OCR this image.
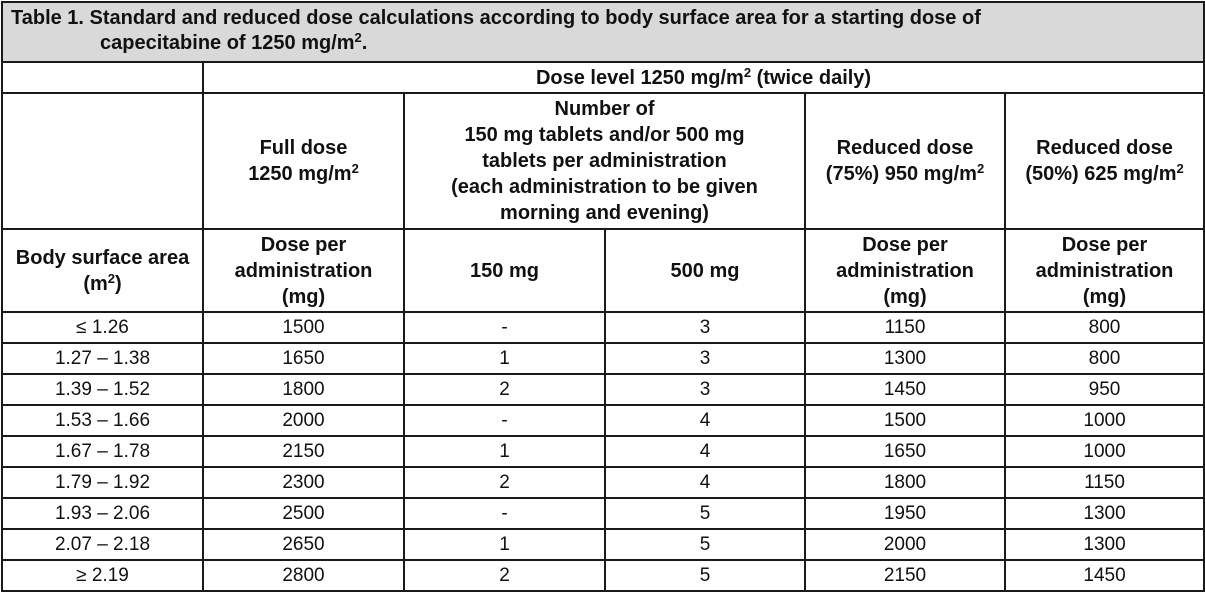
Table 1. Standard and reduced dose calculations according to body surface area for a starting dose of
capecitabine of 1250 $mg/m^2$.					

	Dose level 1250 $mg/m^2$ (twice daily)				

	Full dose
1250 $mg/m^2$	Number of
150 mg tablets and/or 500 mg
tablets per administration
(each administration to be given
morning and evening)		Reduced dose
(75%) 950 $mg/m^2$	Reduced dose
(50%) 625 $mg/m^2$

Body surface area
$(m^2)$	Dose per
administration
(mg)	150 mg	500 mg	Dose per
administration
(mg)	Dose per
administration
(mg)

≤ 1.26	1500	-	3	1150	800
1.27 – 1.38	1650	1	3	1300	800
1.39 – 1.52	1800	2	3	1450	950
1.53 – 1.66	2000	-	4	1500	1000
1.67 – 1.78	2150	1	4	1650	1000
1.79 – 1.92	2300	2	4	1800	1150
1.93 – 2.06	2500	-	5	1950	1300
2.07 – 2.18	2650	1	5	2000	1300
≥ 2.19	2800	2	5	2150	1450
